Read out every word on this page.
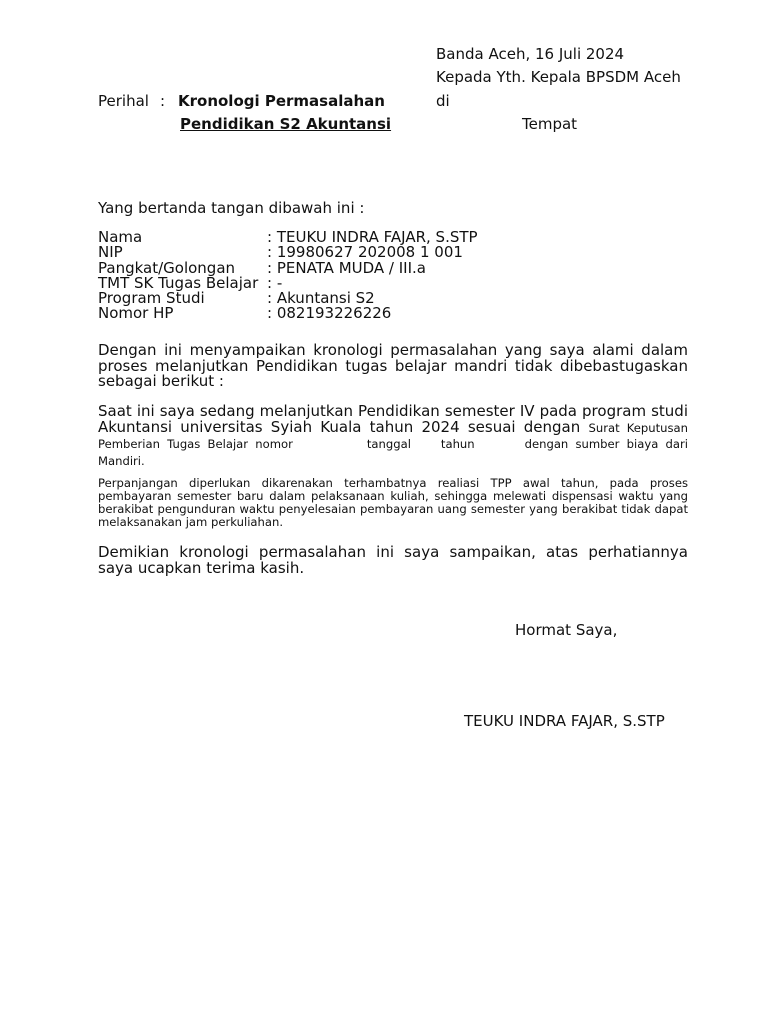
Banda Aceh, 16 Juli 2024
Kepada Yth. Kepala BPSDM Aceh
Perihal : Kronologi Permasalahan	di
Pendidikan S2 Akuntansi	Tempat
Yang bertanda tangan dibawah ini :
Nama	: TEUKU INDRA FAJAR, S.STP
NIP	: 19980627 202008 1 001
Pangkat/Golongan	: PENATA MUDA / III.a
TMT SK Tugas Belajar : -
Program Studi	: Akuntansi S2
Nomor HP	: 082193226226
Dengan ini menyampaikan kronologi permasalahan yang saya alami dalam proses melanjutkan Pendidikan tugas belajar mandri tidak dibebastugaskan sebagai berikut :
Saat ini saya sedang melanjutkan Pendidikan semester IV pada program studi Akuntansi universitas Syiah Kuala tahun 2024 sesuai dengan Surat Keputusan Pemberian Tugas Belajar nomor	tanggal	tahun	dengan sumber biaya dari Mandiri.
Perpanjangan diperlukan dikarenakan terhambatnya realiasi TPP awal tahun, pada proses pembayaran semester baru dalam pelaksanaan kuliah, sehingga melewati dispensasi waktu yang berakibat pengunduran waktu penyelesaian pembayaran uang semester yang berakibat tidak dapat melaksanakan jam perkuliahan.
Demikian kronologi permasalahan ini saya sampaikan, atas perhatiannya saya ucapkan terima kasih.
Hormat Saya,
TEUKU INDRA FAJAR, S.STP
